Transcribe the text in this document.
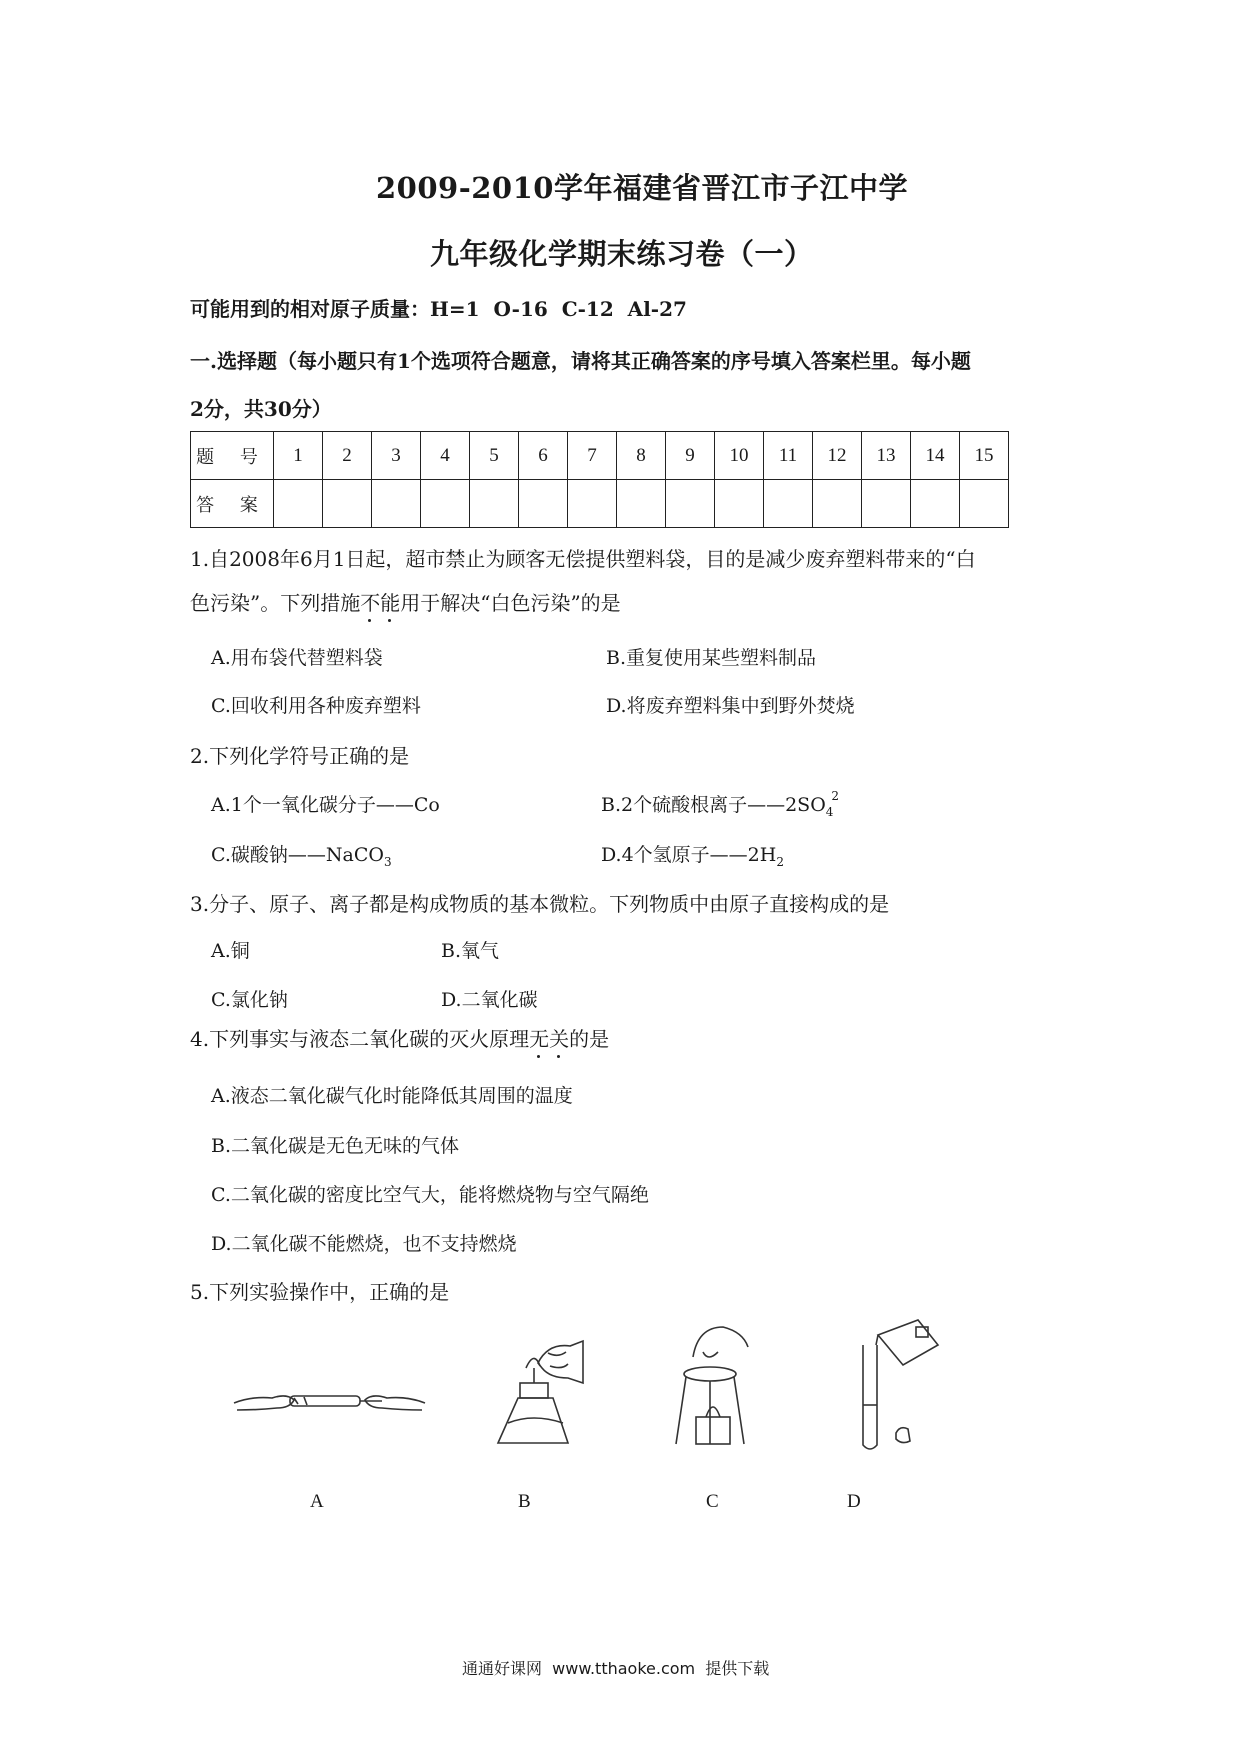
2009-2010学年福建省晋江市子江中学
九年级化学期末练习卷（一）
可能用到的相对原子质量：H=1  O-16  C-12  Al-27
一.选择题（每小题只有1个选项符合题意，请将其正确答案的序号填入答案栏里。每小题
2分，共30分）
题 号	1	2	3	4	5	6	7	8	9	10	11	12	13	14	15
答 案															
1.自2008年6月1日起，超市禁止为顾客无偿提供塑料袋，目的是减少废弃塑料带来的“白
色污染”。下列措施不能
用于解决“白色污染”的是
A.用布袋代替塑料袋	B.重复使用某些塑料制品
C.回收利用各种废弃塑料	D.将废弃塑料集中到野外焚烧
2.下列化学符号正确的是
A.1个一氧化碳分子——Co	B.2个硫酸根离子$——2SO_4^2$
C.碳酸钠——NaCO$_3$	D.4个氢原子$——2H_2$
3.分子、原子、离子都是构成物质的基本微粒。下列物质中由原子直接构成的是
A.铜	B.氧气
C.氯化钠	D.二氧化碳
4.下列事实与液态二氧化碳的灭火原理无关
的是
A.液态二氧化碳气化时能降低其周围的温度
B.二氧化碳是无色无味的气体
C.二氧化碳的密度比空气大，能将燃烧物与空气隔绝
D.二氧化碳不能燃烧，也不支持燃烧
5.下列实验操作中，正确的是
A	B	C	D
通通好课网  www.tthaoke.com  提供下载
